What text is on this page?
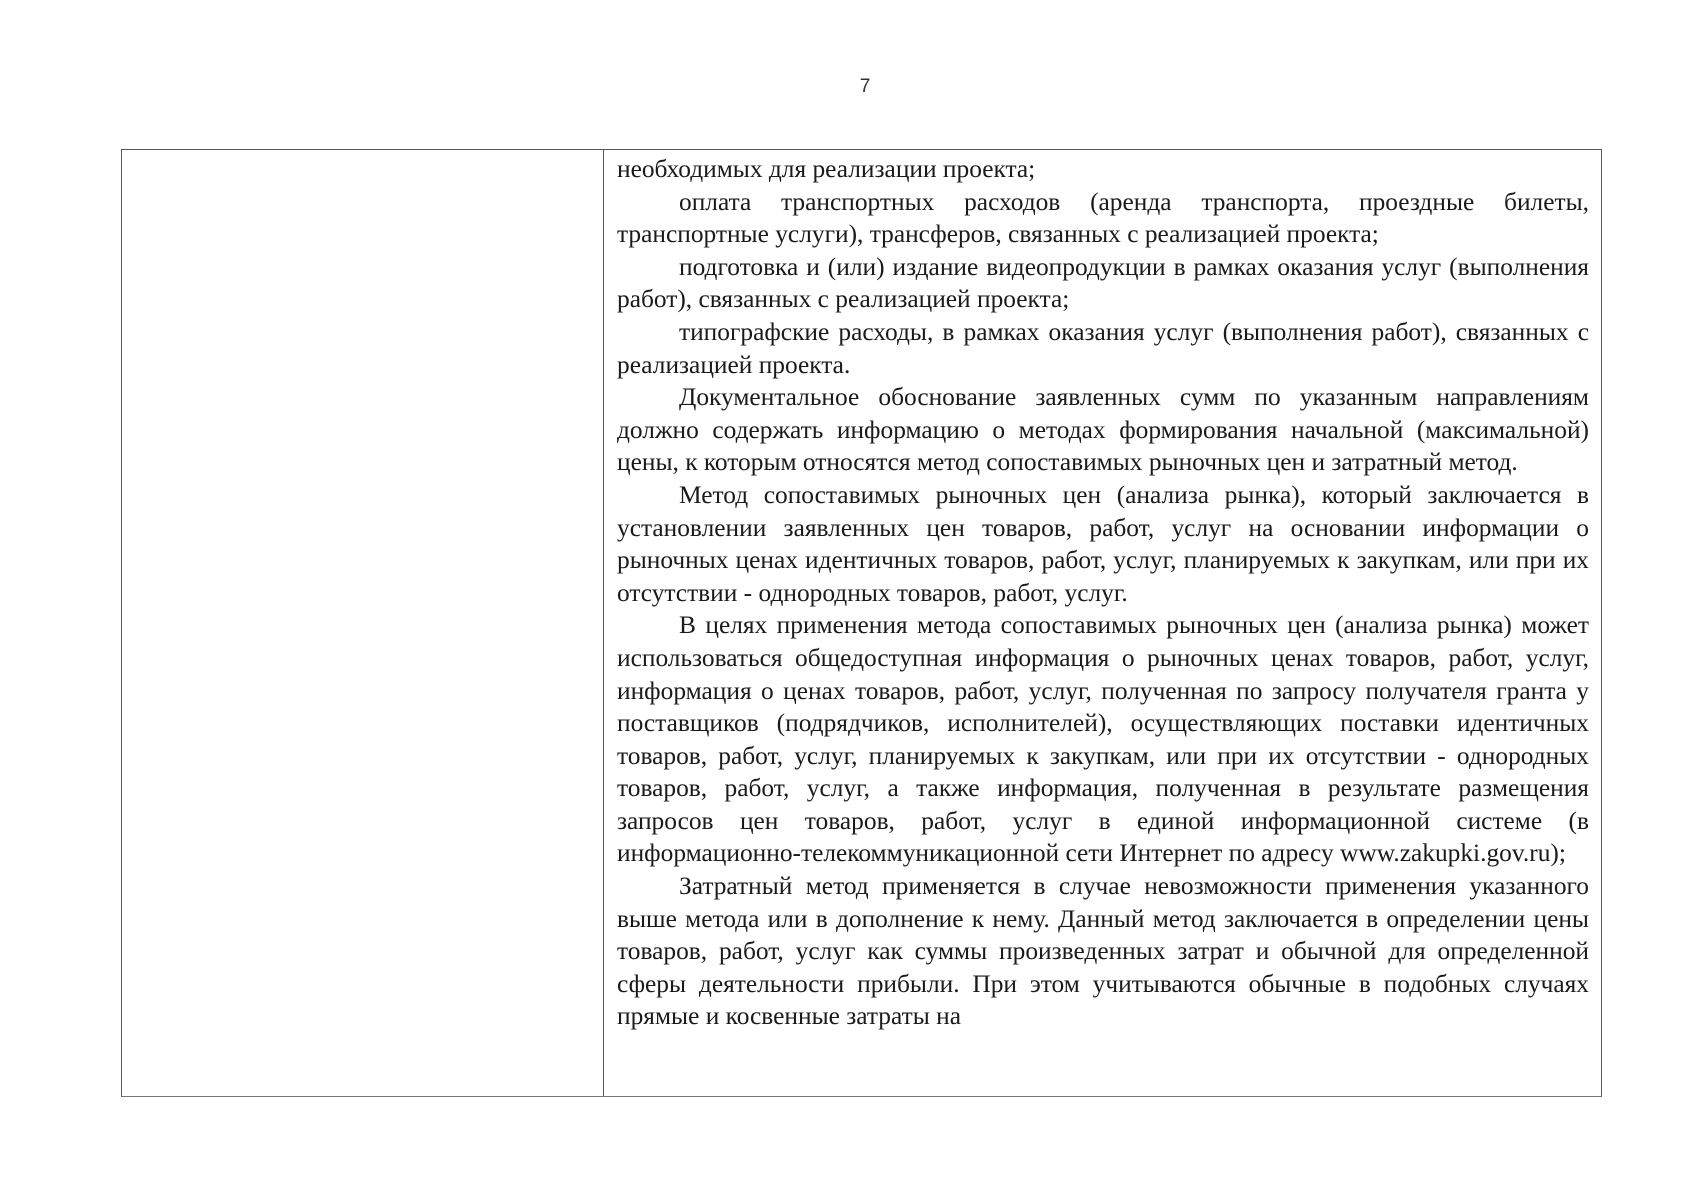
7

необходимых для реализации проекта;

оплата транспортных расходов (аренда транспорта, проездные билеты, транспортные услуги), трансферов, связанных с реализацией проекта;

подготовка и (или) издание видеопродукции в рамках оказания услуг (выполнения работ), связанных с реализацией проекта;

типографские расходы, в рамках оказания услуг (выполнения работ), связанных с реализацией проекта.

Документальное обоснование заявленных сумм по указанным направлениям должно содержать информацию о методах формирования начальной (максимальной) цены, к которым относятся метод сопоставимых рыночных цен и затратный метод.

Метод сопоставимых рыночных цен (анализа рынка), который заключается в установлении заявленных цен товаров, работ, услуг на основании информации о рыночных ценах идентичных товаров, работ, услуг, планируемых к закупкам, или при их отсутствии - однородных товаров, работ, услуг.

В целях применения метода сопоставимых рыночных цен (анализа рынка) может использоваться общедоступная информация о рыночных ценах товаров, работ, услуг, информация о ценах товаров, работ, услуг, полученная по запросу получателя гранта у поставщиков (подрядчиков, исполнителей), осуществляющих поставки идентичных товаров, работ, услуг, планируемых к закупкам, или при их отсутствии - однородных товаров, работ, услуг, а также информация, полученная в результате размещения запросов цен товаров, работ, услуг в единой информационной системе (в информационно-телекоммуникационной сети Интернет по адресу www.zakupki.gov.ru);

Затратный метод применяется в случае невозможности применения указанного выше метода или в дополнение к нему. Данный метод заключается в определении цены товаров, работ, услуг как суммы произведенных затрат и обычной для определенной сферы деятельности прибыли. При этом учитываются обычные в подобных случаях прямые и косвенные затраты на
